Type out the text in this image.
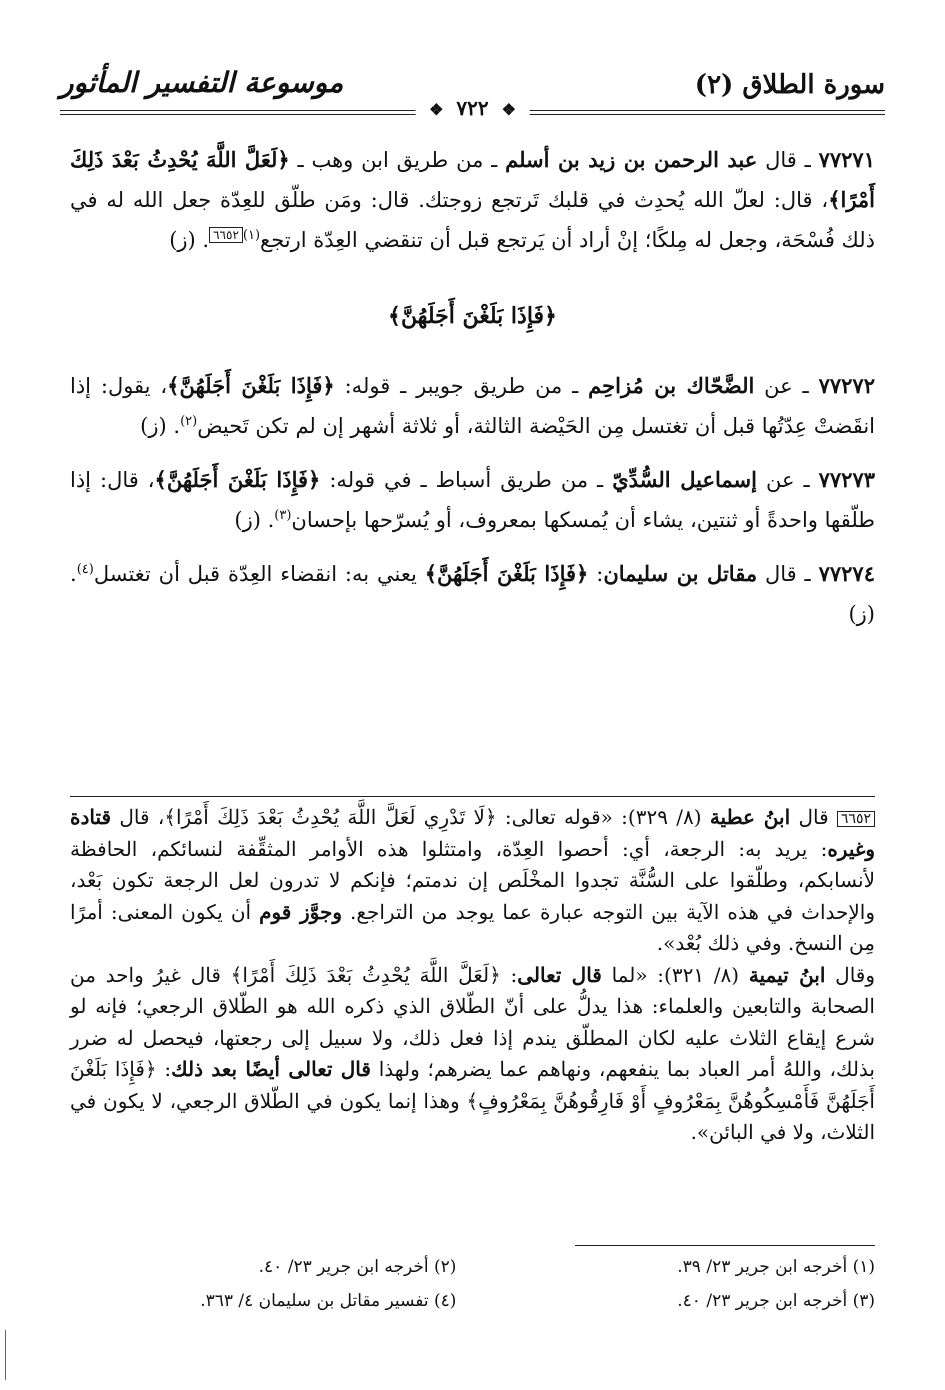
سورة الطلاق (٢)
موسوعة التفسير المأثور
❖ ٧٢٢ ❖
٧٧٢٧١ ـ قال عبد الرحمن بن زيد بن أسلم ـ من طريق ابن وهب ـ ﴿لَعَلَّ اللَّهَ يُحْدِثُ بَعْدَ ذَلِكَ أَمْرًا﴾، قال: لعلّ الله يُحدِث في قلبك تَرتجع زوجتك. قال: ومَن طلّق للعِدّة جعل الله له في ذلك فُسْحَة، وجعل له مِلكًا؛ إنْ أراد أن يَرتجع قبل أن تنقضي العِدّة ارتجع$^{(١)}$٦٦٥٢. (ز)
﴿فَإِذَا بَلَغْنَ أَجَلَهُنَّ﴾
٧٧٢٧٢ ـ عن الضَّحّاك بن مُزاحِم ـ من طريق جويبر ـ قوله: ﴿فَإِذَا بَلَغْنَ أَجَلَهُنَّ﴾، يقول: إذا انقَضتْ عِدّتُها قبل أن تغتسل مِن الحَيْضة الثالثة، أو ثلاثة أشهر إن لم تكن تَحيض$^{(٢)}$. (ز)
٧٧٢٧٣ ـ عن إسماعيل السُّدِّيّ ـ من طريق أسباط ـ في قوله: ﴿فَإِذَا بَلَغْنَ أَجَلَهُنَّ﴾، قال: إذا طلّقها واحدةً أو ثنتين، يشاء أن يُمسكها بمعروف، أو يُسرّحها بإحسان$^{(٣)}$. (ز)
٧٧٢٧٤ ـ قال مقاتل بن سليمان: ﴿فَإِذَا بَلَغْنَ أَجَلَهُنَّ﴾ يعني به: انقضاء العِدّة قبل أن تغتسل$^{(٤)}$. (ز)

٦٦٥٢ قال ابنُ عطية (٨/ ٣٢٩): «قوله تعالى: ﴿لَا تَدْرِي لَعَلَّ اللَّهَ يُحْدِثُ بَعْدَ ذَلِكَ أَمْرًا﴾، قال قتادة وغيره: يريد به: الرجعة، أي: أحصوا العِدّة، وامتثلوا هذه الأوامر المثقِّفة لنسائكم، الحافظة لأنسابكم، وطلّقوا على السُّنَّة تجدوا المخْلَص إن ندمتم؛ فإنكم لا تدرون لعل الرجعة تكون بَعْد، والإحداث في هذه الآية بين التوجه عبارة عما يوجد من التراجع. وجوَّز قوم أن يكون المعنى: أمرًا مِن النسخ. وفي ذلك بُعْد».

وقال ابنُ تيمية (٨/ ٣٢١): «لما قال تعالى: ﴿لَعَلَّ اللَّهَ يُحْدِثُ بَعْدَ ذَلِكَ أَمْرًا﴾ قال غيرُ واحد من الصحابة والتابعين والعلماء: هذا يدلُّ على أنّ الطّلاق الذي ذكره الله هو الطّلاق الرجعي؛ فإنه لو شرع إيقاع الثلاث عليه لكان المطلّق يندم إذا فعل ذلك، ولا سبيل إلى رجعتها، فيحصل له ضرر بذلك، واللهُ أمر العباد بما ينفعهم، ونهاهم عما يضرهم؛ ولهذا قال تعالى أيضًا بعد ذلك: ﴿فَإِذَا بَلَغْنَ أَجَلَهُنَّ فَأَمْسِكُوهُنَّ بِمَعْرُوفٍ أَوْ فَارِقُوهُنَّ بِمَعْرُوفٍ﴾ وهذا إنما يكون في الطّلاق الرجعي، لا يكون في الثلاث، ولا في البائن».

(١) أخرجه ابن جرير ٢٣/ ٣٩.
(٣) أخرجه ابن جرير ٢٣/ ٤٠.
(٢) أخرجه ابن جرير ٢٣/ ٤٠.
(٤) تفسير مقاتل بن سليمان ٤/ ٣٦٣.
